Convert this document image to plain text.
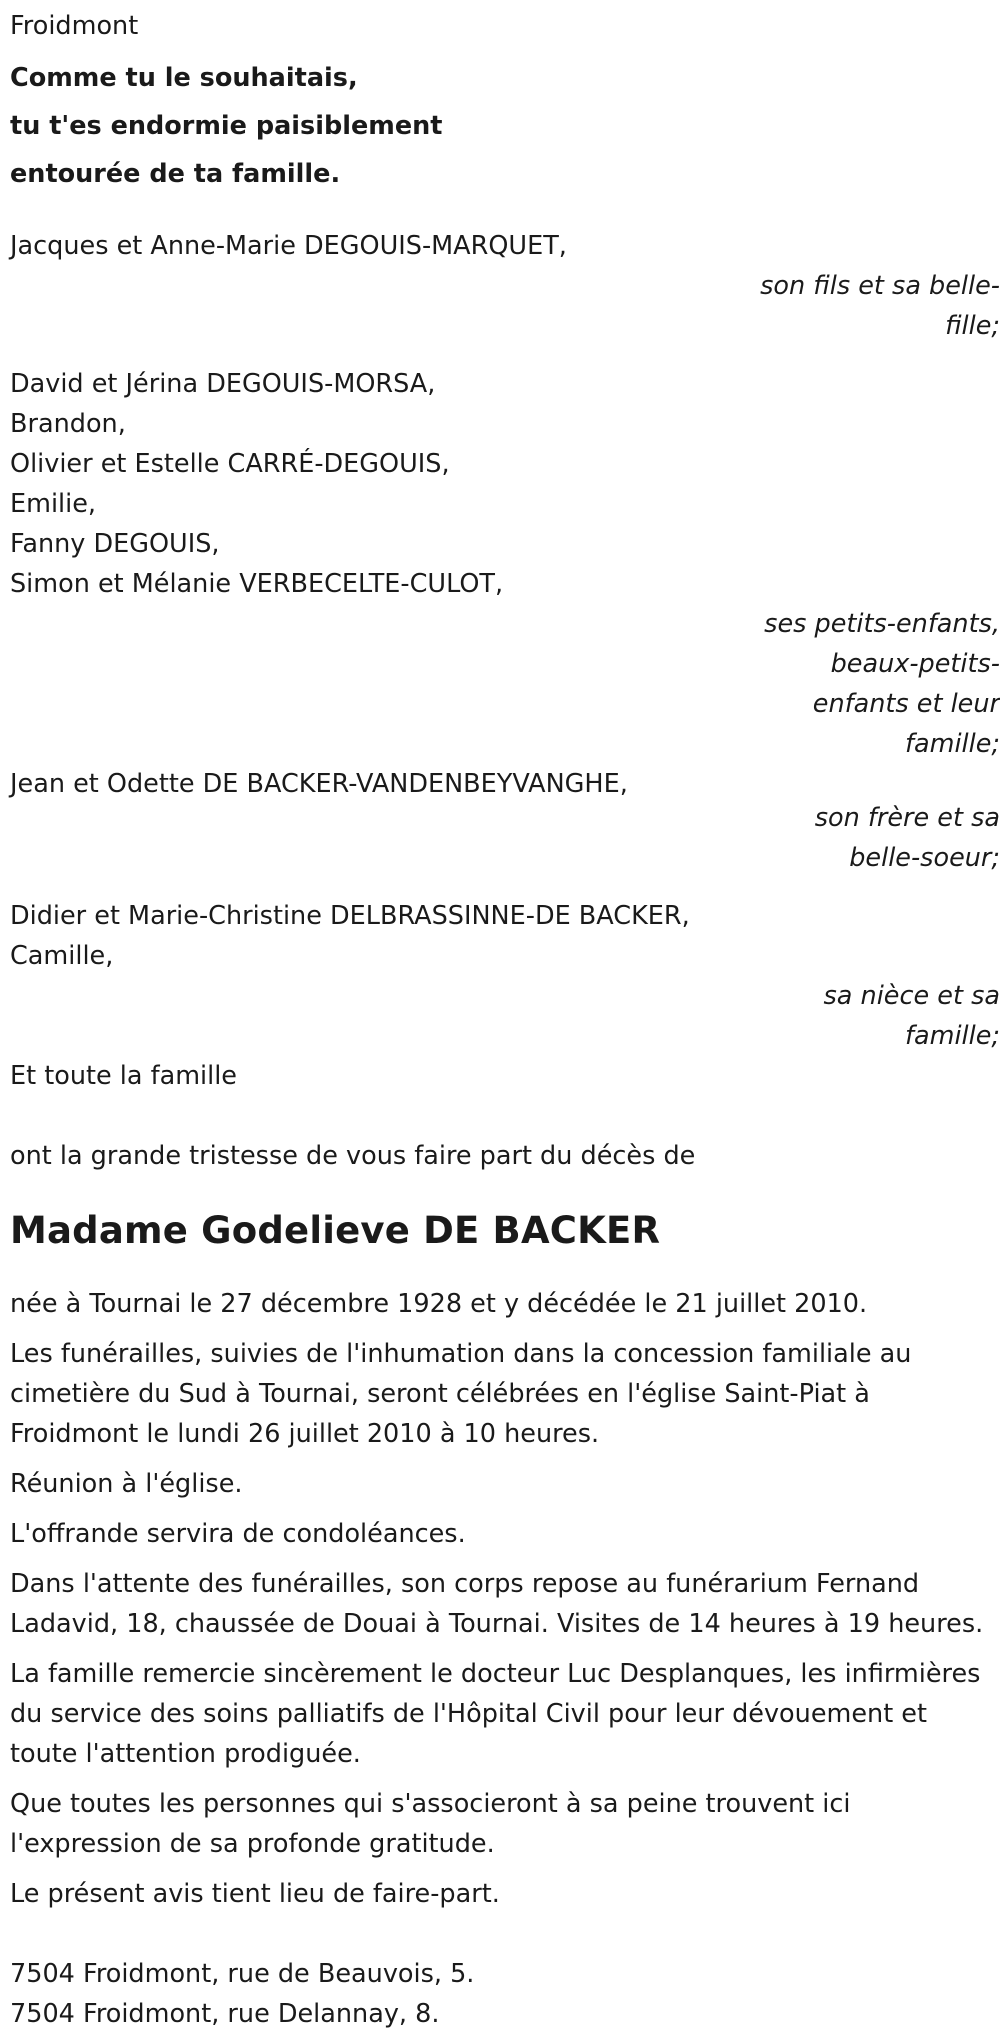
Froidmont

Comme tu le souhaitais,
tu t'es endormie paisiblement
entourée de ta famille.

Jacques et Anne-Marie DEGOUIS-MARQUET,

son fils et sa belle-
fille;

David et Jérina DEGOUIS-MORSA,

Brandon,

Olivier et Estelle CARRÉ-DEGOUIS,

Emilie,

Fanny DEGOUIS,

Simon et Mélanie VERBECELTE-CULOT,

ses petits-enfants,
beaux-petits-
enfants et leur
famille;

Jean et Odette DE BACKER-VANDENBEYVANGHE,

son frère et sa
belle-soeur;

Didier et Marie-Christine DELBRASSINNE-DE BACKER,

Camille,

sa nièce et sa
famille;

Et toute la famille

ont la grande tristesse de vous faire part du décès de

Madame Godelieve DE BACKER

née à Tournai le 27 décembre 1928 et y décédée le 21 juillet 2010.

Les funérailles, suivies de l'inhumation dans la concession familiale au cimetière du Sud à Tournai, seront célébrées en l'église Saint-Piat à Froidmont le lundi 26 juillet 2010 à 10 heures.

Réunion à l'église.

L'offrande servira de condoléances.

Dans l'attente des funérailles, son corps repose au funérarium Fernand Ladavid, 18, chaussée de Douai à Tournai. Visites de 14 heures à 19 heures.

La famille remercie sincèrement le docteur Luc Desplanques, les infirmières du service des soins palliatifs de l'Hôpital Civil pour leur dévouement et toute l'attention prodiguée.

Que toutes les personnes qui s'associeront à sa peine trouvent ici l'expression de sa profonde gratitude.

Le présent avis tient lieu de faire-part.

7504 Froidmont, rue de Beauvois, 5.

7504 Froidmont, rue Delannay, 8.
